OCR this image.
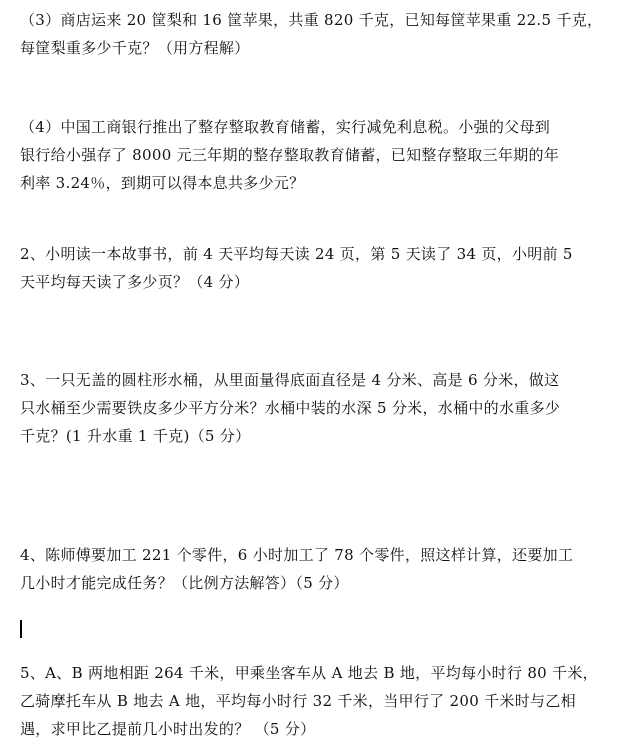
（3）商店运来 20 筐梨和 16 筐苹果，共重 820 千克，已知每筐苹果重 22.5 千克，
每筐梨重多少千克？（用方程解）
（4）中国工商银行推出了整存整取教育储蓄，实行减免利息税。小强的父母到
银行给小强存了 8000 元三年期的整存整取教育储蓄，已知整存整取三年期的年
利率 3.24％，到期可以得本息共多少元？
2、小明读一本故事书，前 4 天平均每天读 24 页，第 5 天读了 34 页，小明前 5
天平均每天读了多少页？（4 分）
3、一只无盖的圆柱形水桶，从里面量得底面直径是 4 分米、高是 6 分米，做这
只水桶至少需要铁皮多少平方分米？水桶中装的水深 5 分米，水桶中的水重多少
千克？(1 升水重 1 千克)（5 分）
4、陈师傅要加工 221 个零件，6 小时加工了 78 个零件，照这样计算，还要加工
几小时才能完成任务？（比例方法解答）（5 分）
5、A、B 两地相距 264 千米，甲乘坐客车从 A 地去 B 地，平均每小时行 80 千米，
乙骑摩托车从 B 地去 A 地，平均每小时行 32 千米，当甲行了 200 千米时与乙相
遇，求甲比乙提前几小时出发的？ （5 分）
